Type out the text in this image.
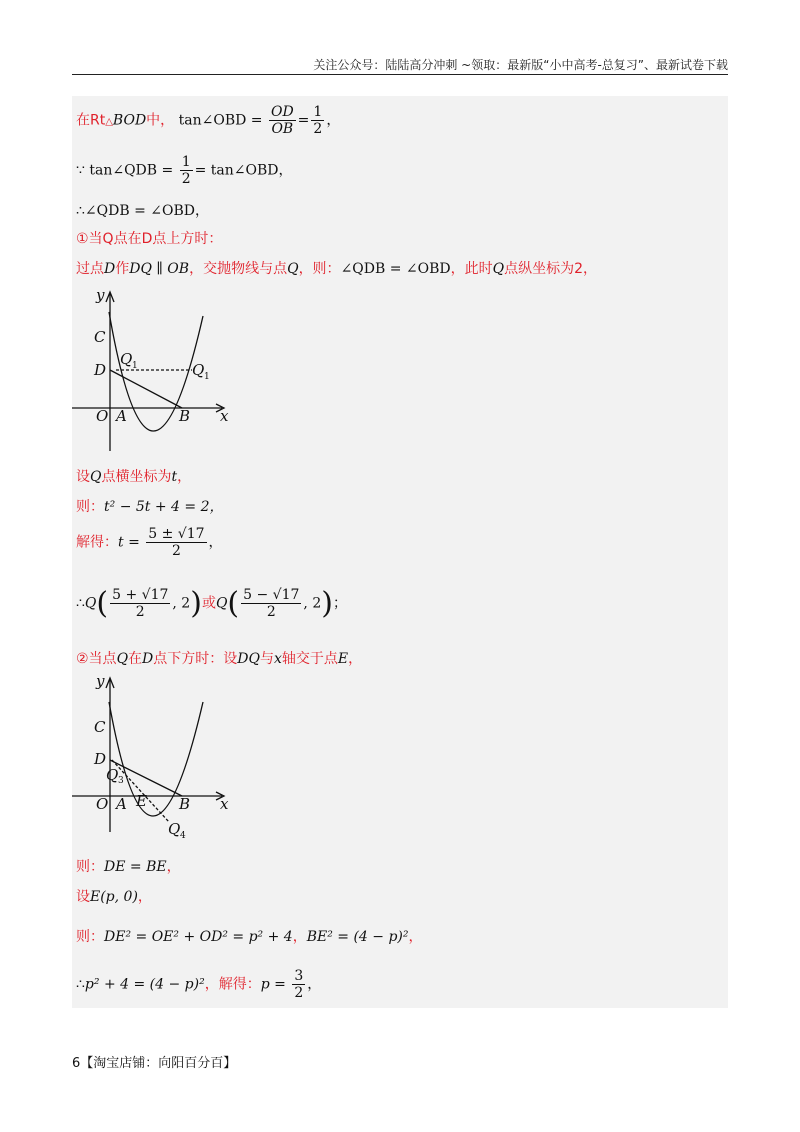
关注公众号：陆陆高分冲刺 ~领取：最新版“小中高考-总复习”、最新试卷下载
在Rt△BOD中， tan∠OBD = $\frac{OD}{OB} = \frac{1}{2}$ ，
∵ tan∠QDB = $\frac{1}{2}$ = tan∠OBD，
∴∠QDB = ∠OBD，
①当Q点在D点上方时：
过点D作DQ ∥ OB，交抛物线与点Q，则：∠QDB = ∠OBD，此时Q点纵坐标为2，
y
x
C
D
O A	B
Q 1	Q 1
设Q点横坐标为t，
则：t² − 5t + 4 = 2，
解得：$t = \frac{5 \pm √17}{2}$ ，
∴Q( $\frac{5 + √17}{2}$ , 2)或$Q( \frac{5 - √17}{2}$ , 2)；
②当点Q在D点下方时：设DQ与x轴交于点E，
y
x
C
D
O A E B
Q 3
Q 4
则：DE = BE，
设E(p, 0)，
则：DE² = OE² + OD² = p² + 4，BE² = (4 − p)²，
∴p² + 4 = (4 − p)²，解得：$p = \frac{3}{2}$ ，
6【淘宝店铺：向阳百分百】
